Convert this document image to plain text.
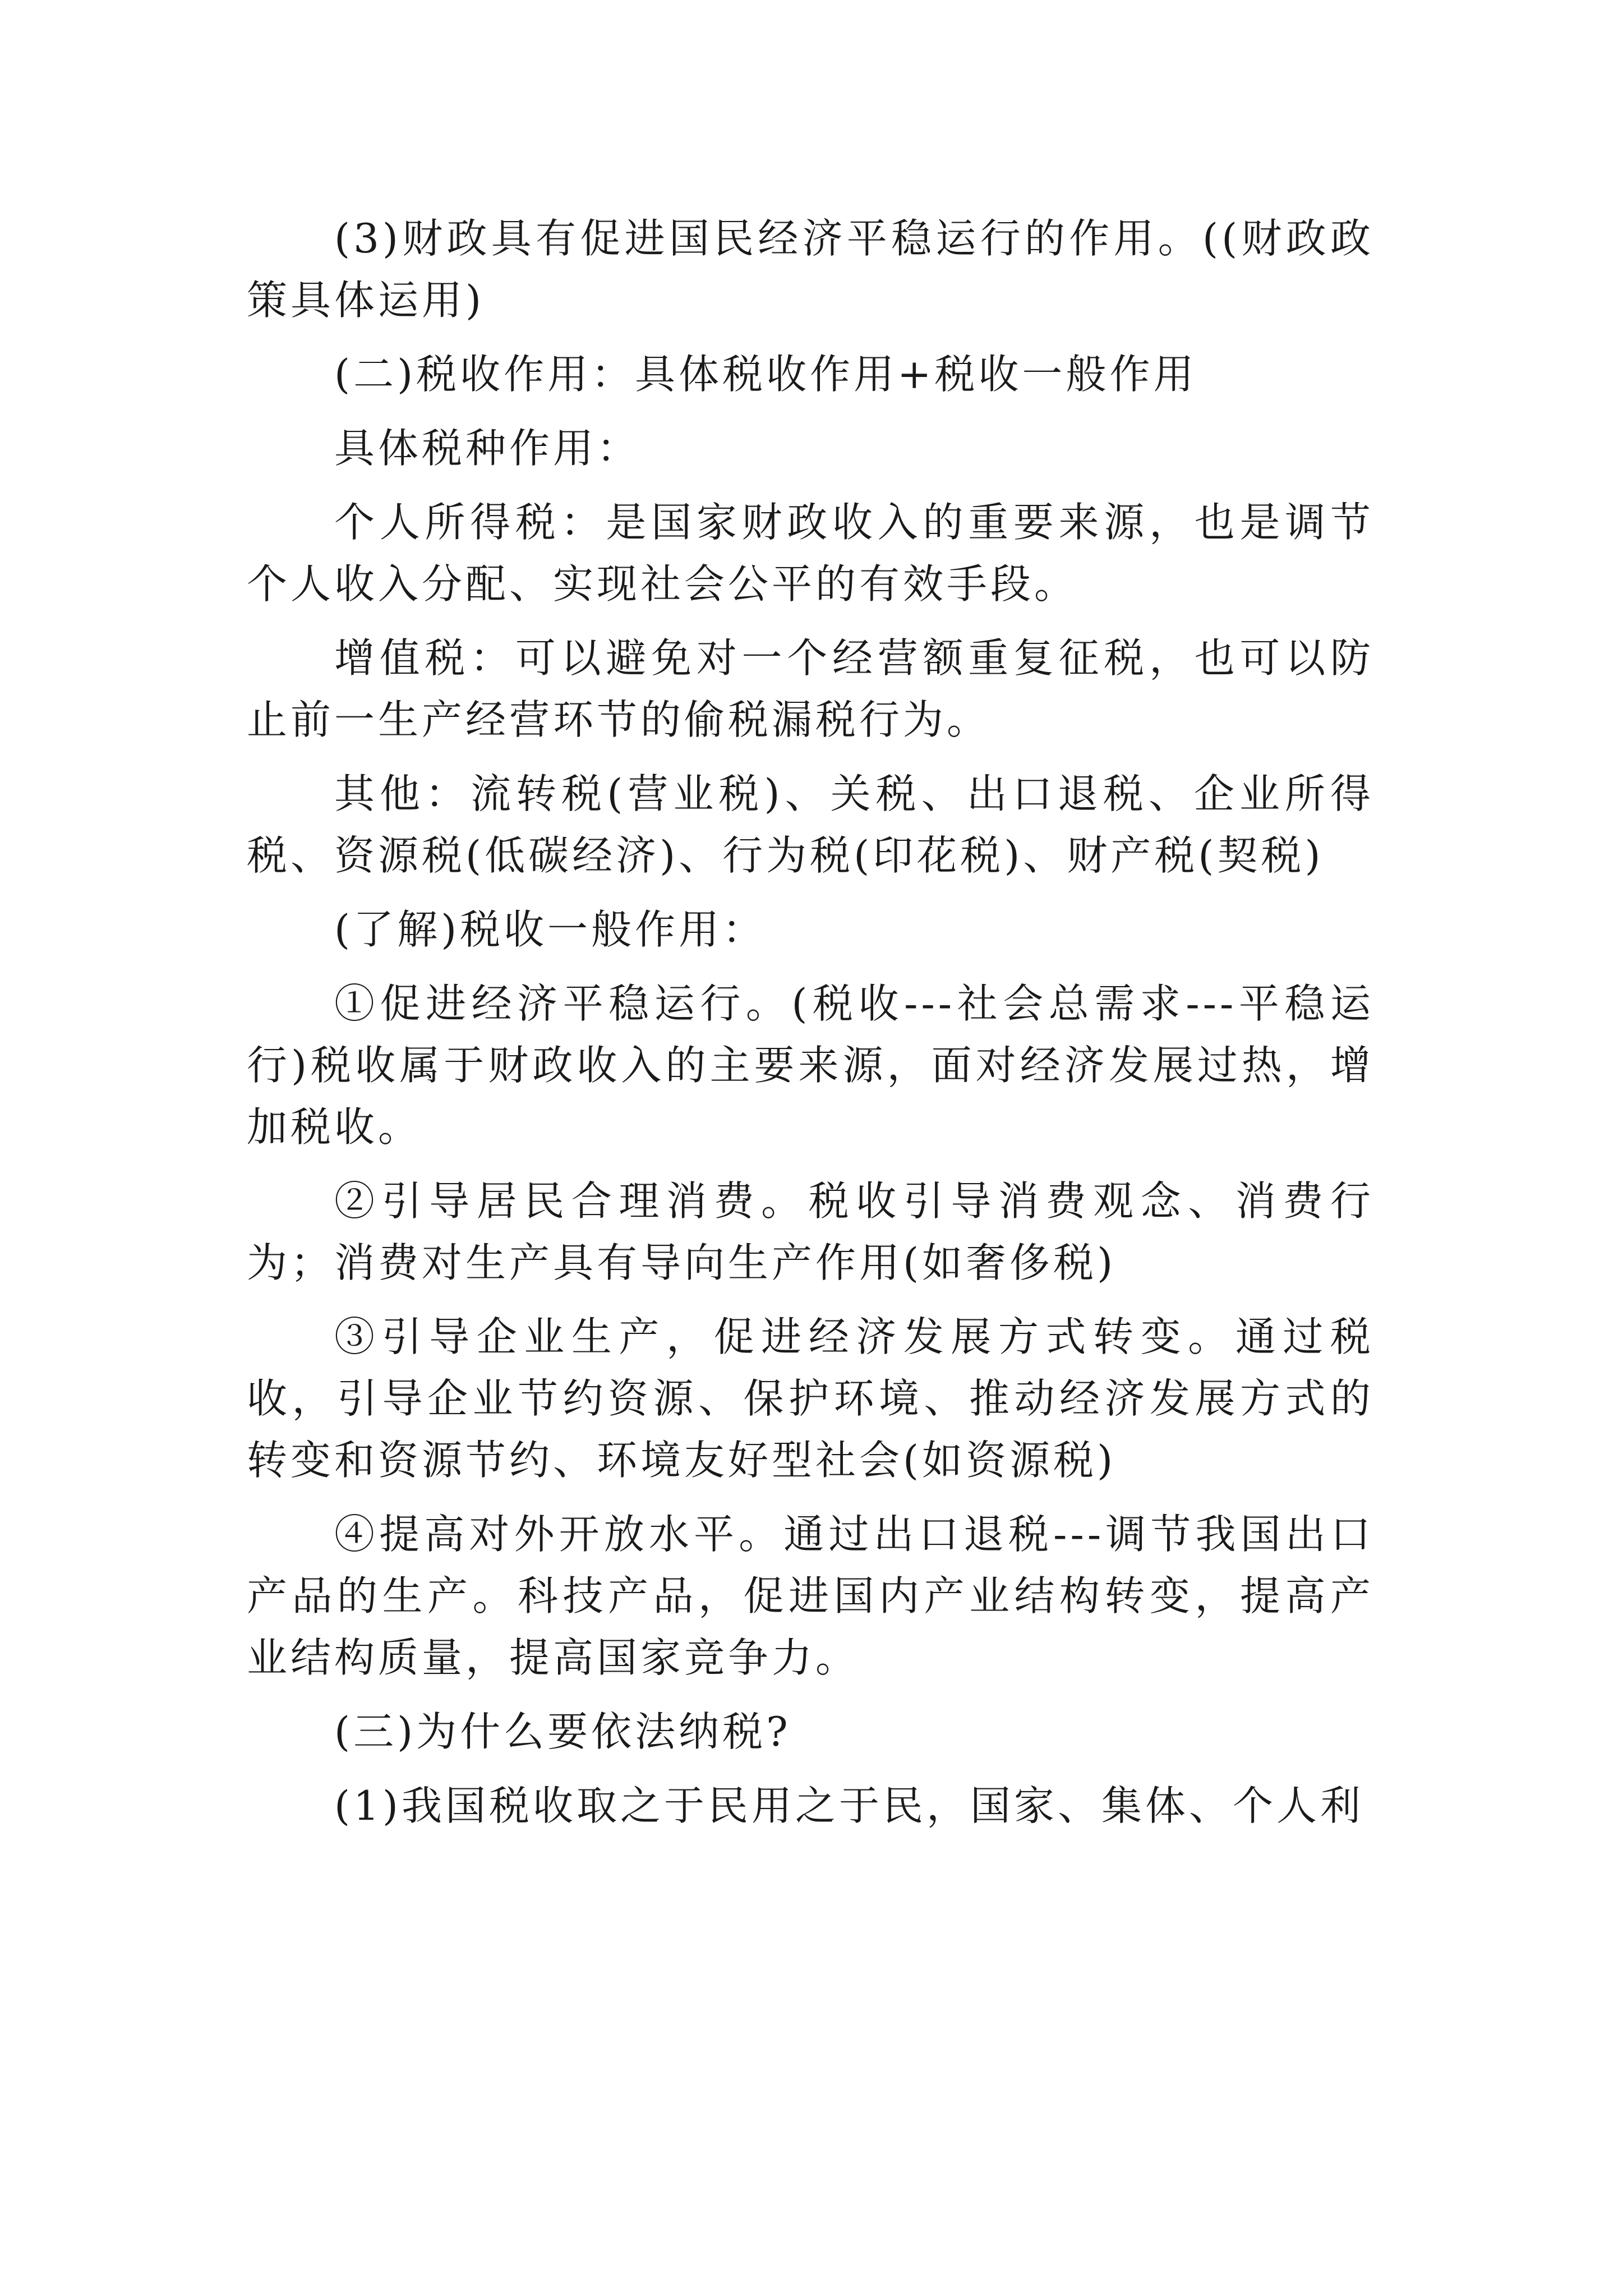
(3)财政具有促进国民经济平稳运行的作用。((财政政策具体运用)

(二)税收作用：具体税收作用+税收一般作用

具体税种作用：

个人所得税：是国家财政收入的重要来源，也是调节个人收入分配、实现社会公平的有效手段。

增值税：可以避免对一个经营额重复征税，也可以防止前一生产经营环节的偷税漏税行为。

其他：流转税(营业税)、关税、出口退税、企业所得税、资源税(低碳经济)、行为税(印花税)、财产税(契税)

(了解)税收一般作用：

①促进经济平稳运行。(税收---社会总需求---平稳运行)税收属于财政收入的主要来源，面对经济发展过热，增加税收。

②引导居民合理消费。税收引导消费观念、消费行为；消费对生产具有导向生产作用(如奢侈税)

③引导企业生产，促进经济发展方式转变。通过税收，引导企业节约资源、保护环境、推动经济发展方式的转变和资源节约、环境友好型社会(如资源税)

④提高对外开放水平。通过出口退税---调节我国出口产品的生产。科技产品，促进国内产业结构转变，提高产业结构质量，提高国家竞争力。

(三)为什么要依法纳税?

(1)我国税收取之于民用之于民，国家、集体、个人利
